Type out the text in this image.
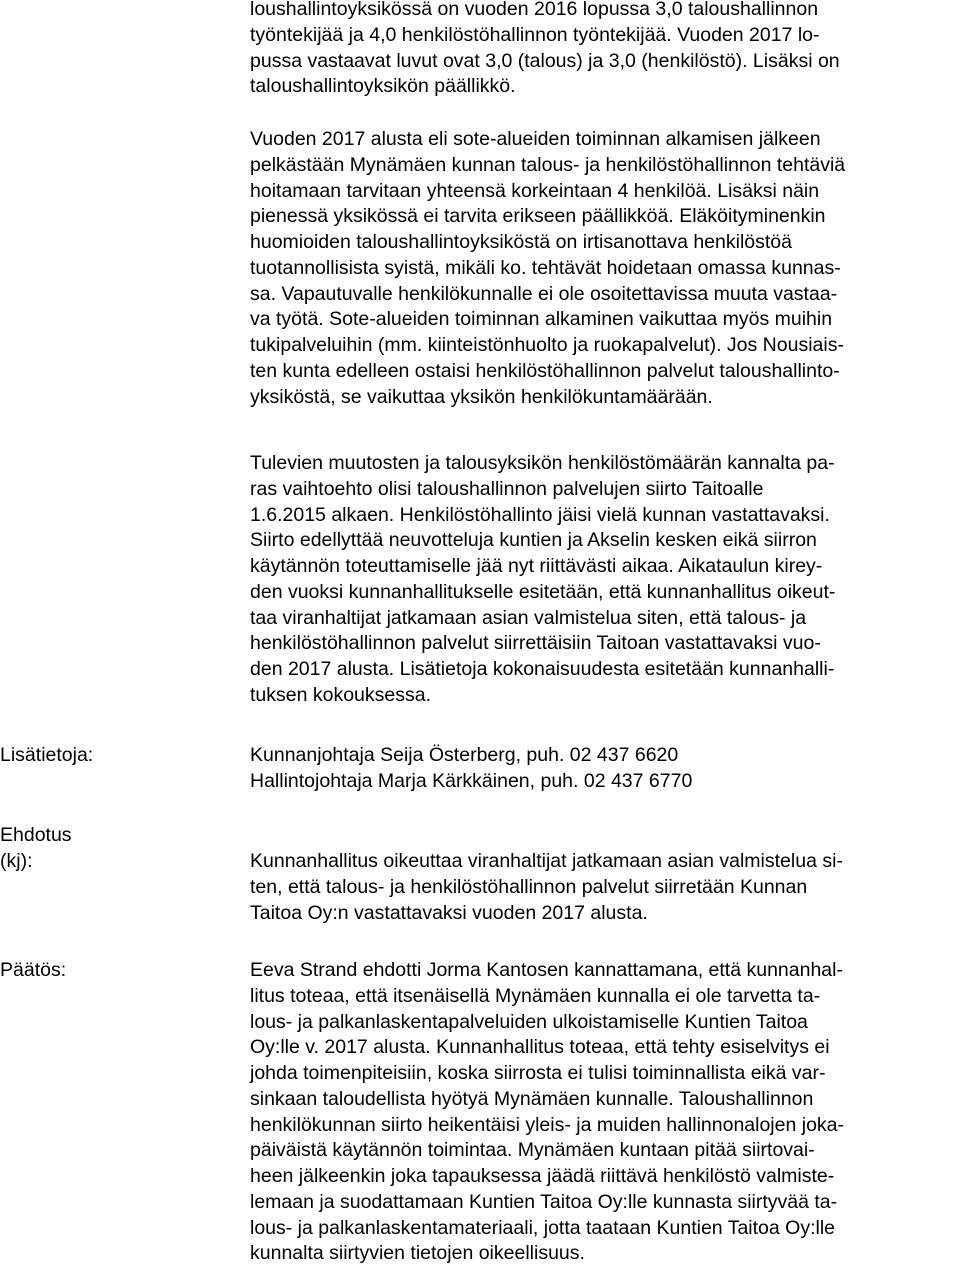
loushallintoyksikössä on vuoden 2016 lopussa 3,0 taloushallinnon
työntekijää ja 4,0 henkilöstöhallinnon työntekijää. Vuoden 2017 lo-
pussa vastaavat luvut ovat 3,0 (talous) ja 3,0 (henkilöstö). Lisäksi on
taloushallintoyksikön päällikkö.
Vuoden 2017 alusta eli sote-alueiden toiminnan alkamisen jälkeen
pelkästään Mynämäen kunnan talous- ja henkilöstöhallinnon tehtäviä
hoitamaan tarvitaan yhteensä korkeintaan 4 henkilöä. Lisäksi näin
pienessä yksikössä ei tarvita erikseen päällikköä. Eläköityminenkin
huomioiden taloushallintoyksiköstä on irtisanottava henkilöstöä
tuotannollisista syistä, mikäli ko. tehtävät hoidetaan omassa kunnas-
sa. Vapautuvalle henkilökunnalle ei ole osoitettavissa muuta vastaa-
va työtä. Sote-alueiden toiminnan alkaminen vaikuttaa myös muihin
tukipalveluihin (mm. kiinteistönhuolto ja ruokapalvelut). Jos Nousiais-
ten kunta edelleen ostaisi henkilöstöhallinnon palvelut taloushallinto-
yksiköstä, se vaikuttaa yksikön henkilökuntamäärään.
Tulevien muutosten ja talousyksikön henkilöstömäärän kannalta pa-
ras vaihtoehto olisi taloushallinnon palvelujen siirto Taitoalle
1.6.2015 alkaen. Henkilöstöhallinto jäisi vielä kunnan vastattavaksi.
Siirto edellyttää neuvotteluja kuntien ja Akselin kesken eikä siirron
käytännön toteuttamiselle jää nyt riittävästi aikaa. Aikataulun kirey-
den vuoksi kunnanhallitukselle esitetään, että kunnanhallitus oikeut-
taa viranhaltijat jatkamaan asian valmistelua siten, että talous- ja
henkilöstöhallinnon palvelut siirrettäisiin Taitoan vastattavaksi vuo-
den 2017 alusta. Lisätietoja kokonaisuudesta esitetään kunnanhalli-
tuksen kokouksessa.
Lisätietoja:	Kunnanjohtaja Seija Österberg, puh. 02 437 6620
Hallintojohtaja Marja Kärkkäinen, puh. 02 437 6770
Ehdotus
(kj):	Kunnanhallitus oikeuttaa viranhaltijat jatkamaan asian valmistelua si-
ten, että talous- ja henkilöstöhallinnon palvelut siirretään Kunnan
Taitoa Oy:n vastattavaksi vuoden 2017 alusta.
Päätös:	Eeva Strand ehdotti Jorma Kantosen kannattamana, että kunnanhal-
litus toteaa, että itsenäisellä Mynämäen kunnalla ei ole tarvetta ta-
lous- ja palkanlaskentapalveluiden ulkoistamiselle Kuntien Taitoa
Oy:lle v. 2017 alusta. Kunnanhallitus toteaa, että tehty esiselvitys ei
johda toimenpiteisiin, koska siirrosta ei tulisi toiminnallista eikä var-
sinkaan taloudellista hyötyä Mynämäen kunnalle. Taloushallinnon
henkilökunnan siirto heikentäisi yleis- ja muiden hallinnonalojen joka-
päiväistä käytännön toimintaa. Mynämäen kuntaan pitää siirtovai-
heen jälkeenkin joka tapauksessa jäädä riittävä henkilöstö valmiste-
lemaan ja suodattamaan Kuntien Taitoa Oy:lle kunnasta siirtyvää ta-
lous- ja palkanlaskentamateriaali, jotta taataan Kuntien Taitoa Oy:lle
kunnalta siirtyvien tietojen oikeellisuus.
